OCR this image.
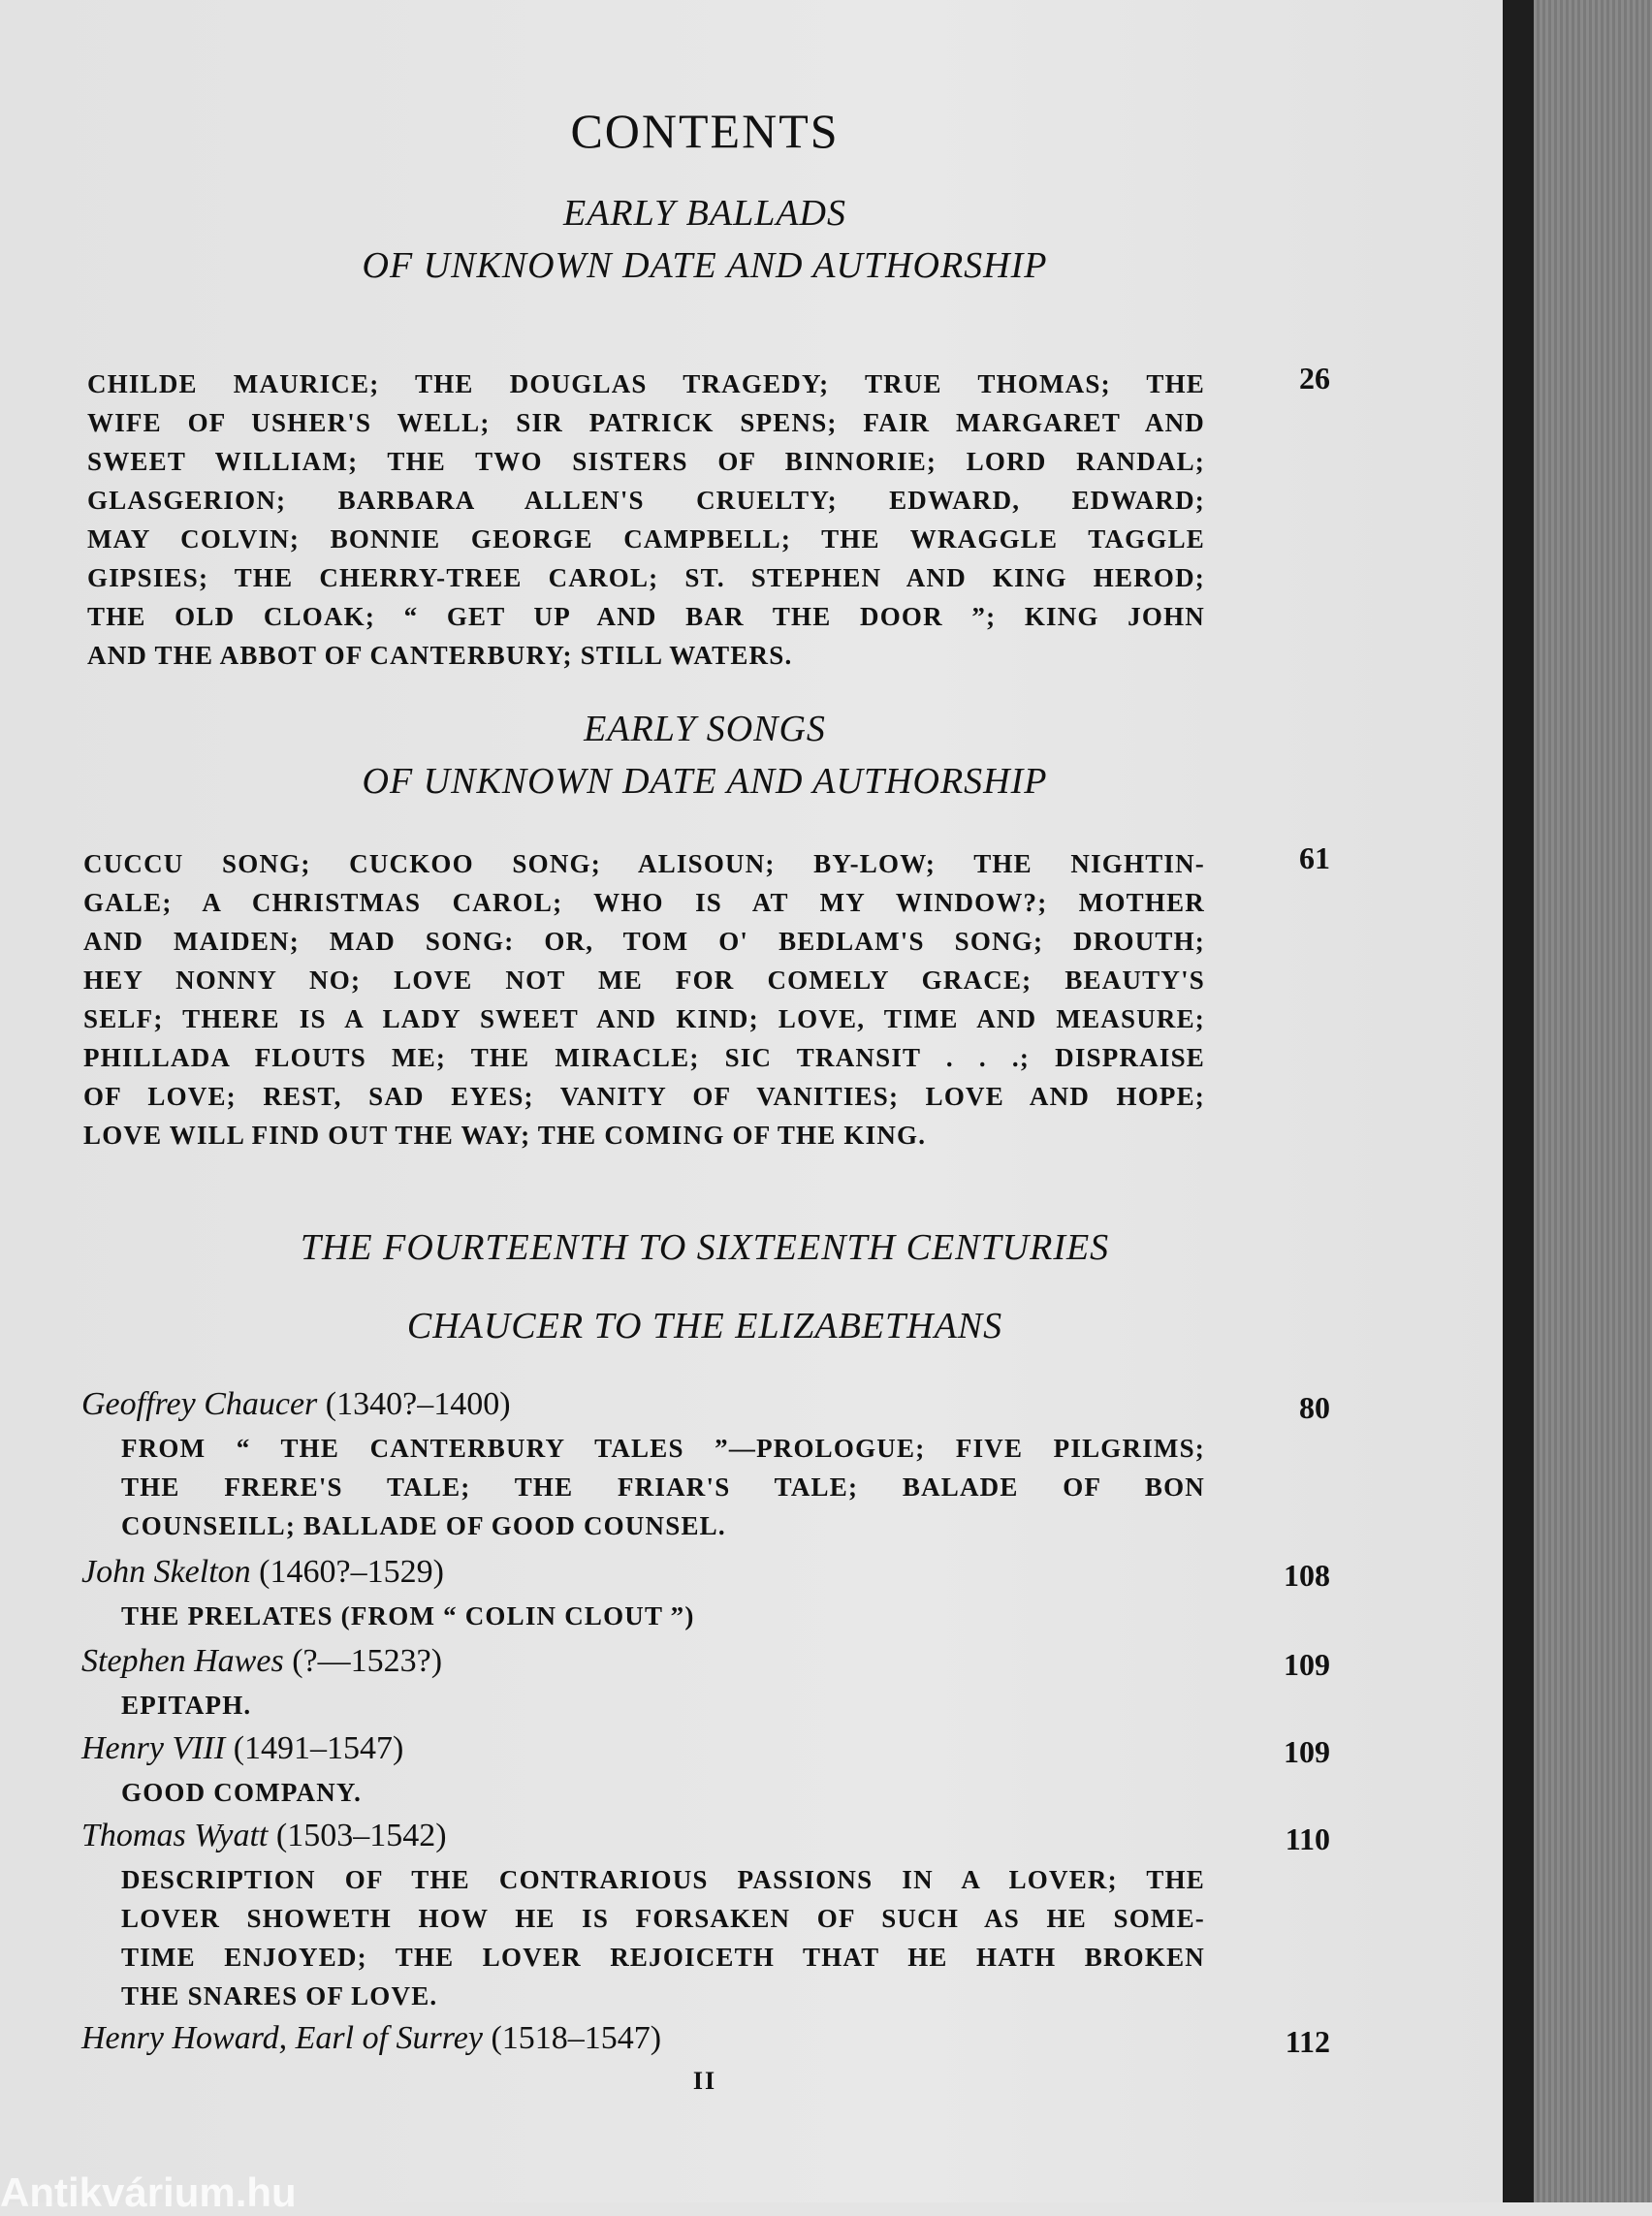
CONTENTS
EARLY BALLADS
OF UNKNOWN DATE AND AUTHORSHIP
CHILDE MAURICE; THE DOUGLAS TRAGEDY; TRUE THOMAS; THE
WIFE OF USHER'S WELL; SIR PATRICK SPENS; FAIR MARGARET AND
SWEET WILLIAM; THE TWO SISTERS OF BINNORIE; LORD RANDAL;
GLASGERION; BARBARA ALLEN'S CRUELTY; EDWARD, EDWARD;
MAY COLVIN; BONNIE GEORGE CAMPBELL; THE WRAGGLE TAGGLE
GIPSIES; THE CHERRY-TREE CAROL; ST. STEPHEN AND KING HEROD;
THE OLD CLOAK; “ GET UP AND BAR THE DOOR ”; KING JOHN
AND THE ABBOT OF CANTERBURY; STILL WATERS.
26
EARLY SONGS
OF UNKNOWN DATE AND AUTHORSHIP
CUCCU SONG; CUCKOO SONG; ALISOUN; BY-LOW; THE NIGHTIN-
GALE; A CHRISTMAS CAROL; WHO IS AT MY WINDOW?; MOTHER
AND MAIDEN; MAD SONG: OR, TOM O' BEDLAM'S SONG; DROUTH;
HEY NONNY NO; LOVE NOT ME FOR COMELY GRACE; BEAUTY'S
SELF; THERE IS A LADY SWEET AND KIND; LOVE, TIME AND MEASURE;
PHILLADA FLOUTS ME; THE MIRACLE; SIC TRANSIT . . .; DISPRAISE
OF LOVE; REST, SAD EYES; VANITY OF VANITIES; LOVE AND HOPE;
LOVE WILL FIND OUT THE WAY; THE COMING OF THE KING.
61
THE FOURTEENTH TO SIXTEENTH CENTURIES
CHAUCER TO THE ELIZABETHANS
Geoffrey Chaucer (1340?–1400)	80
FROM “ THE CANTERBURY TALES ”—PROLOGUE; FIVE PILGRIMS;
THE FRERE'S TALE; THE FRIAR'S TALE; BALADE OF BON
COUNSEILL; BALLADE OF GOOD COUNSEL.
John Skelton (1460?–1529)	108
THE PRELATES (FROM “ COLIN CLOUT ”)
Stephen Hawes (?—1523?)	109
EPITAPH.
Henry VIII (1491–1547)	109
GOOD COMPANY.
Thomas Wyatt (1503–1542)	110
DESCRIPTION OF THE CONTRARIOUS PASSIONS IN A LOVER; THE
LOVER SHOWETH HOW HE IS FORSAKEN OF SUCH AS HE SOME-
TIME ENJOYED; THE LOVER REJOICETH THAT HE HATH BROKEN
THE SNARES OF LOVE.
Henry Howard, Earl of Surrey (1518–1547)	112
II
Antikvárium.hu
